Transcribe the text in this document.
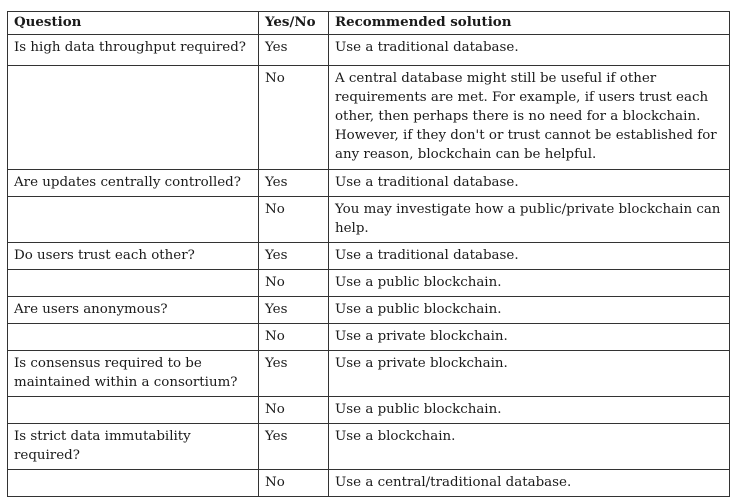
Question	Yes/No	Recommended solution
Is high data throughput required?	Yes	Use a traditional database.
	No	A central database might still be useful if other requirements are met. For example, if users trust each other, then perhaps there is no need for a blockchain. However, if they don't or trust cannot be established for any reason, blockchain can be helpful.
Are updates centrally controlled?	Yes	Use a traditional database.
	No	You may investigate how a public/private blockchain can help.
Do users trust each other?	Yes	Use a traditional database.
	No	Use a public blockchain.
Are users anonymous?	Yes	Use a public blockchain.
	No	Use a private blockchain.
Is consensus required to be maintained within a consortium?	Yes	Use a private blockchain.
	No	Use a public blockchain.
Is strict data immutability required?	Yes	Use a blockchain.
	No	Use a central/traditional database.
